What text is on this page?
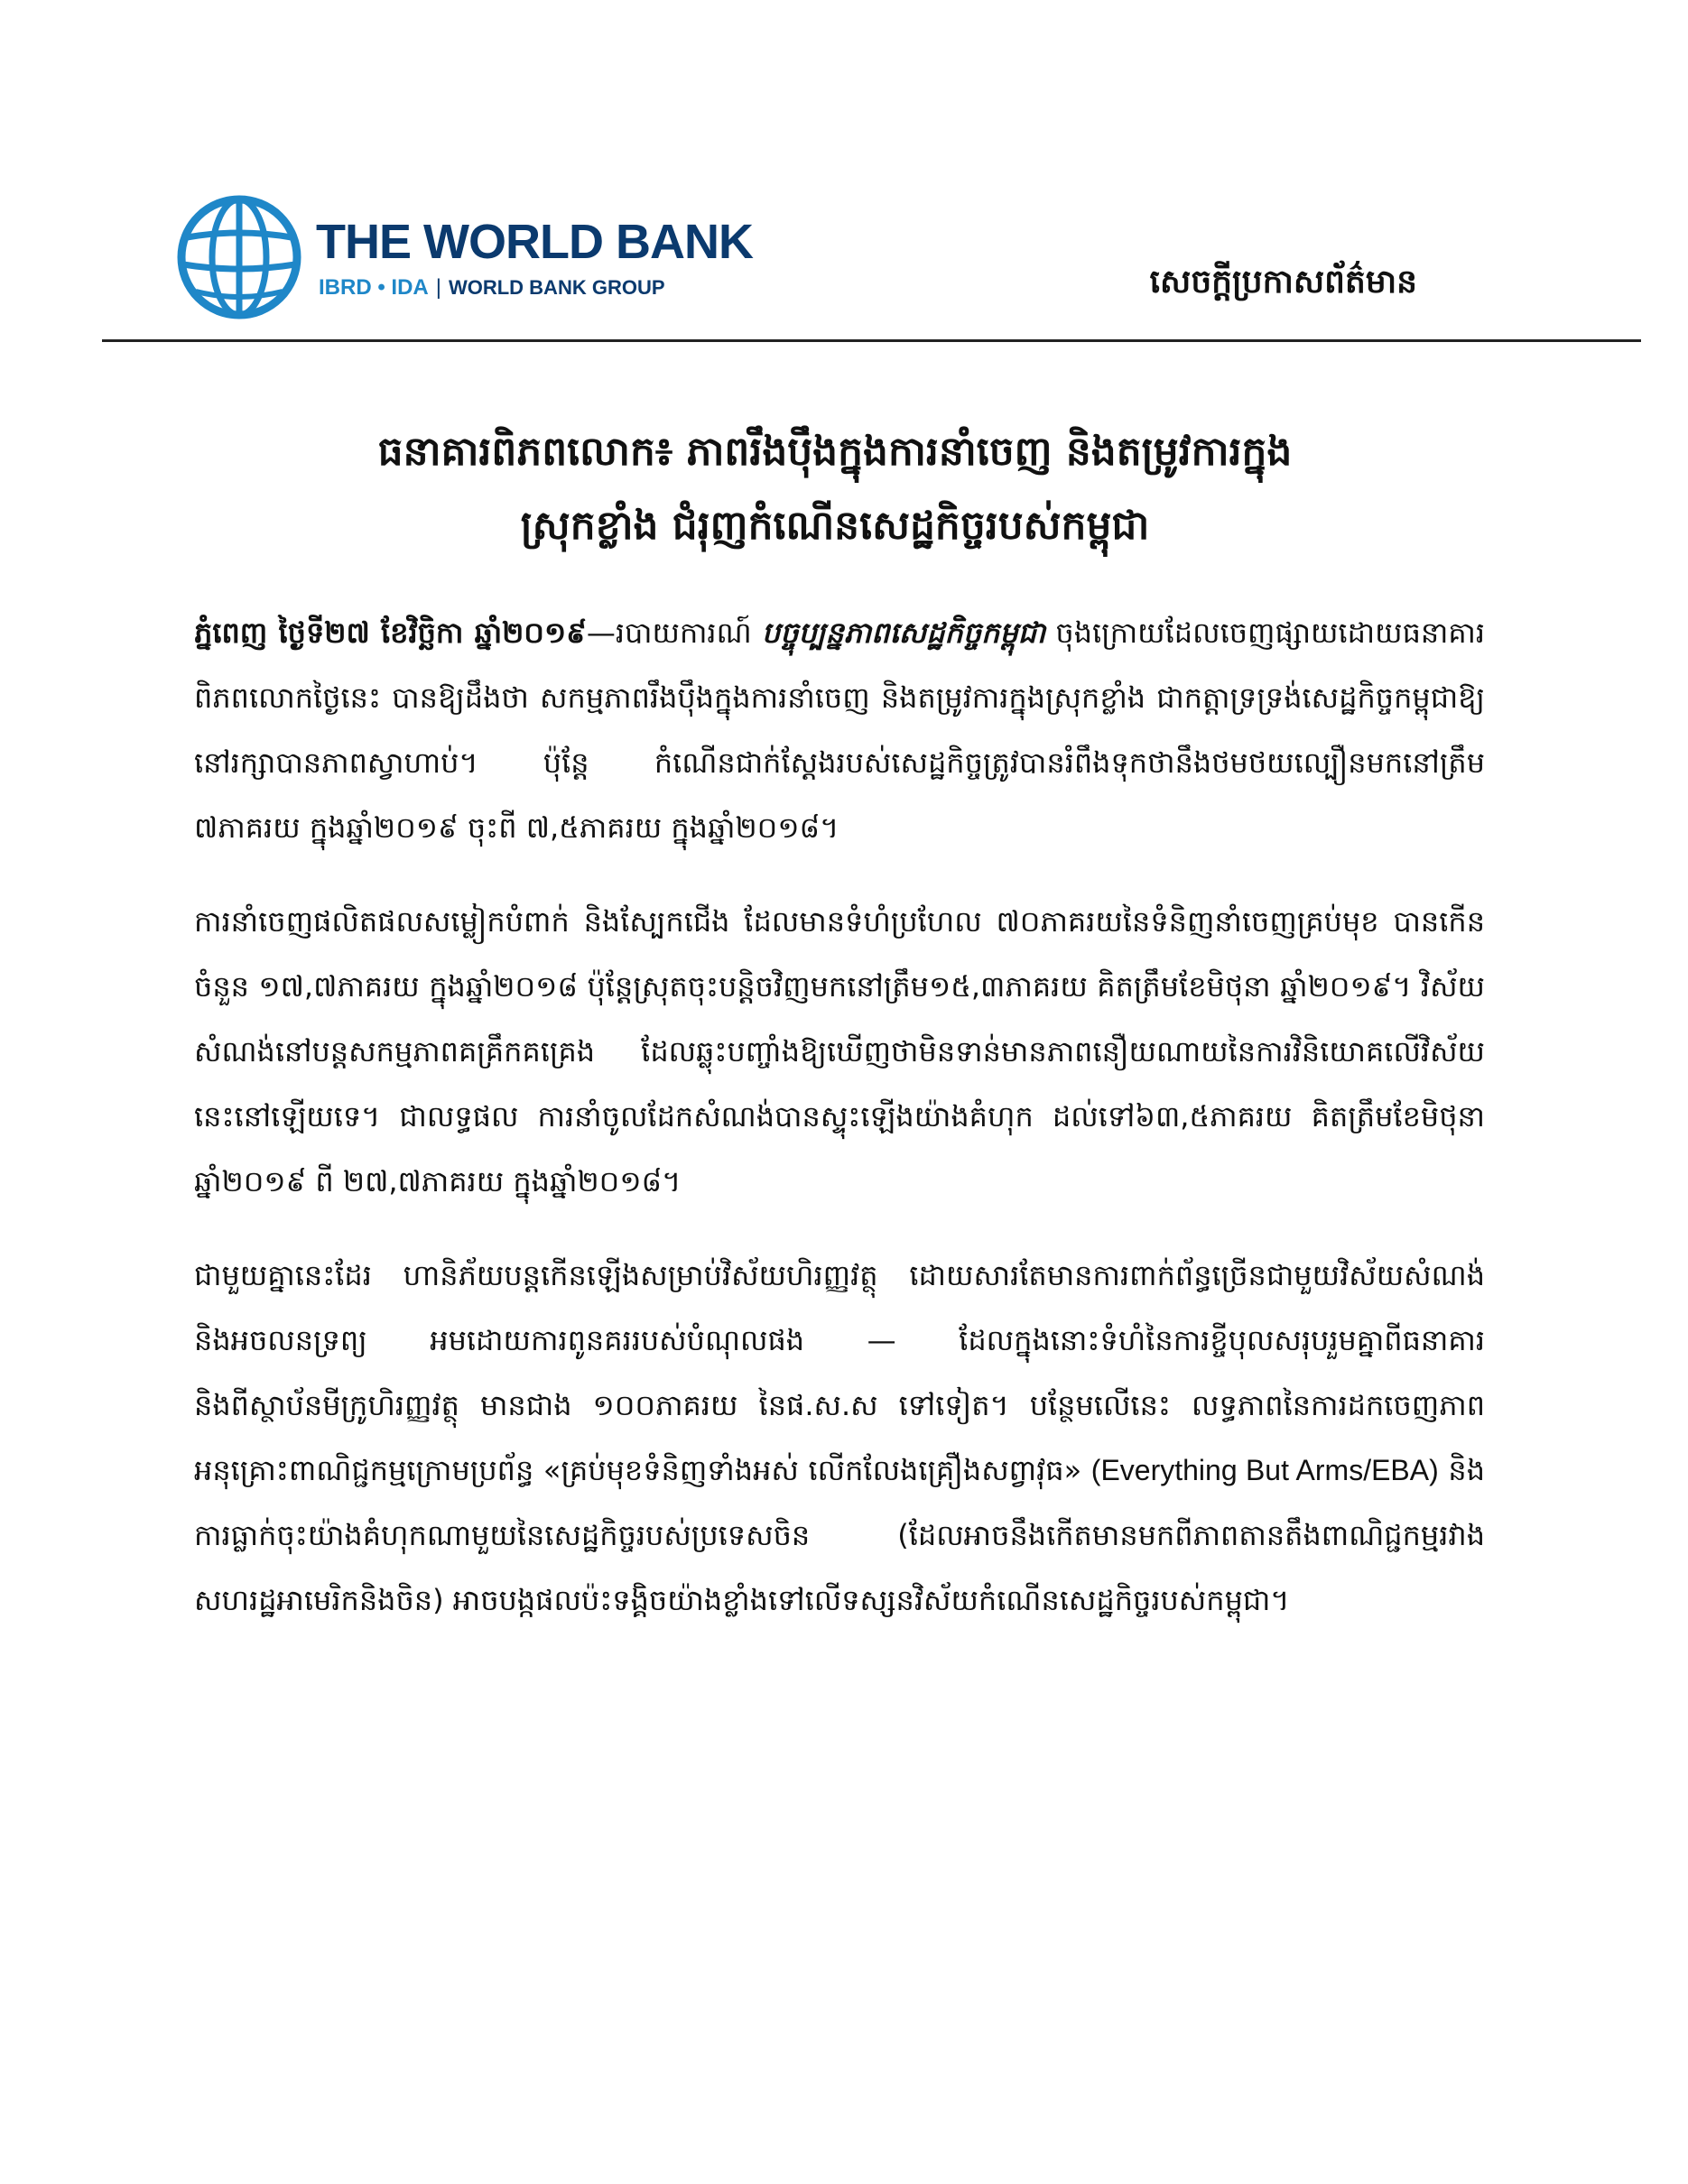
THE WORLD BANK
IBRD • IDA | WORLD BANK GROUP	សេចក្តីប្រកាសព័ត៌មាន
ធនាគារពិភពលោក៖ ភាពរឹងប៉ឹងក្នុងការនាំចេញ និងតម្រូវការក្នុង
ស្រុកខ្លាំង ជំរុញកំណើនសេដ្ឋកិច្ចរបស់កម្ពុជា

ភ្នំពេញ ថ្ងៃទី២៧ ខែវិច្ឆិកា ឆ្នាំ២០១៩—របាយការណ៍ បច្ចុប្បន្នភាពសេដ្ឋកិច្ចកម្ពុជា ចុងក្រោយដែលចេញផ្សាយដោយធនាគារពិភពលោកថ្ងៃនេះ បានឱ្យដឹងថា សកម្មភាពរឹងប៉ឹងក្នុងការនាំចេញ និងតម្រូវការក្នុងស្រុកខ្លាំង ជាកត្តាទ្រទ្រង់សេដ្ឋកិច្ចកម្ពុជាឱ្យនៅរក្សាបានភាពស្វាហាប់។ ប៉ុន្តែ កំណើនជាក់ស្តែងរបស់សេដ្ឋកិច្ចត្រូវបានរំពឹងទុកថានឹងថមថយល្បឿនមកនៅត្រឹម ៧ភាគរយ ក្នុងឆ្នាំ២០១៩ ចុះពី ៧,៥ភាគរយ ក្នុងឆ្នាំ២០១៨។

ការនាំចេញផលិតផលសម្លៀកបំពាក់ និងស្បែកជើង ដែលមានទំហំប្រហែល ៧០ភាគរយនៃទំនិញនាំចេញគ្រប់មុខ បានកើនចំនួន ១៧,៧ភាគរយ ក្នុងឆ្នាំ២០១៨ ប៉ុន្តែស្រុតចុះបន្តិចវិញមកនៅត្រឹម១៥,៣ភាគរយ គិតត្រឹមខែមិថុនា ឆ្នាំ២០១៩។ វិស័យសំណង់នៅបន្តសកម្មភាពគគ្រឹកគគ្រេង ដែលឆ្លុះបញ្ចាំងឱ្យឃើញថាមិនទាន់មានភាពនឿយណាយនៃការវិនិយោគលើវិស័យនេះនៅឡើយទេ។ ជាលទ្ធផល ការនាំចូលដែកសំណង់បានស្ទុះឡើងយ៉ាងគំហុក ដល់ទៅ៦៣,៥ភាគរយ គិតត្រឹមខែមិថុនា ឆ្នាំ២០១៩ ពី ២៧,៧ភាគរយ ក្នុងឆ្នាំ២០១៨។

ជាមួយគ្នានេះដែរ ហានិភ័យបន្តកើនឡើងសម្រាប់វិស័យហិរញ្ញវត្ថុ ដោយសារតែមានការពាក់ព័ន្ធច្រើនជាមួយវិស័យសំណង់ និងអចលនទ្រព្យ អមដោយការពូនគររបស់បំណុលផង — ដែលក្នុងនោះទំហំនៃការខ្ចីបុលសរុបរួមគ្នាពីធនាគារ និងពីស្ថាប័នមីក្រូហិរញ្ញវត្ថុ មានជាង ១០០ភាគរយ នៃផ.ស.ស ទៅទៀត។ បន្ថែមលើនេះ លទ្ធភាពនៃការដកចេញភាពអនុគ្រោះពាណិជ្ជកម្មក្រោមប្រព័ន្ធ «គ្រប់មុខទំនិញទាំងអស់ លើកលែងគ្រឿងសព្វាវុធ» (Everything But Arms/EBA) និងការធ្លាក់ចុះយ៉ាងគំហុកណាមួយនៃសេដ្ឋកិច្ចរបស់ប្រទេសចិន (ដែលអាចនឹងកើតមានមកពីភាពតានតឹងពាណិជ្ជកម្មរវាងសហរដ្ឋអាមេរិកនិងចិន) អាចបង្កផលប៉ះទង្គិចយ៉ាងខ្លាំងទៅលើទស្សនវិស័យកំណើនសេដ្ឋកិច្ចរបស់កម្ពុជា។
